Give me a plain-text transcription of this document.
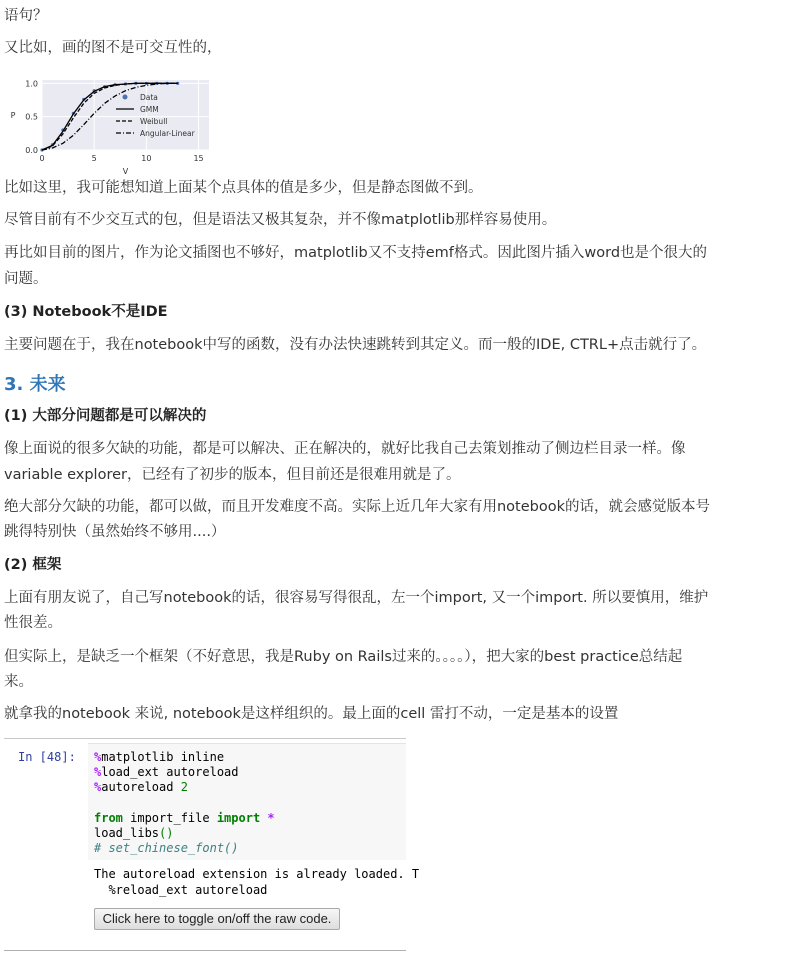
语句？

又比如，画的图不是可交互性的，

0.0
0.5
1.0
0	5	10	15
P
V
Data
GMM
Weibull
Angular-Linear

比如这里，我可能想知道上面某个点具体的值是多少，但是静态图做不到。

尽管目前有不少交互式的包，但是语法又极其复杂，并不像matplotlib那样容易使用。

再比如目前的图片，作为论文插图也不够好，matplotlib又不支持emf格式。因此图片插入word也是个很大的

问题。

(3) Notebook不是IDE

主要问题在于，我在notebook中写的函数，没有办法快速跳转到其定义。而一般的IDE, CTRL+点击就行了。

3. 未来

(1) 大部分问题都是可以解决的

像上面说的很多欠缺的功能，都是可以解决、正在解决的，就好比我自己去策划推动了侧边栏目录一样。像

variable explorer，已经有了初步的版本，但目前还是很难用就是了。

绝大部分欠缺的功能，都可以做，而且开发难度不高。实际上近几年大家有用notebook的话，就会感觉版本号

跳得特别快（虽然始终不够用....）

(2) 框架

上面有朋友说了，自己写notebook的话，很容易写得很乱，左一个import, 又一个import. 所以要慎用，维护

性很差。

但实际上，是缺乏一个框架（不好意思，我是Ruby on Rails过来的。。。。），把大家的best practice总结起

来。

就拿我的notebook 来说, notebook是这样组织的。最上面的cell 雷打不动，一定是基本的设置

In [48]: %matplotlib inline
%load_ext autoreload
%autoreload 2
from import_file import *
load_libs()
# set_chinese_font()
The autoreload extension is already loaded. T
%reload_ext autoreload
Click here to toggle on/off the raw code.
